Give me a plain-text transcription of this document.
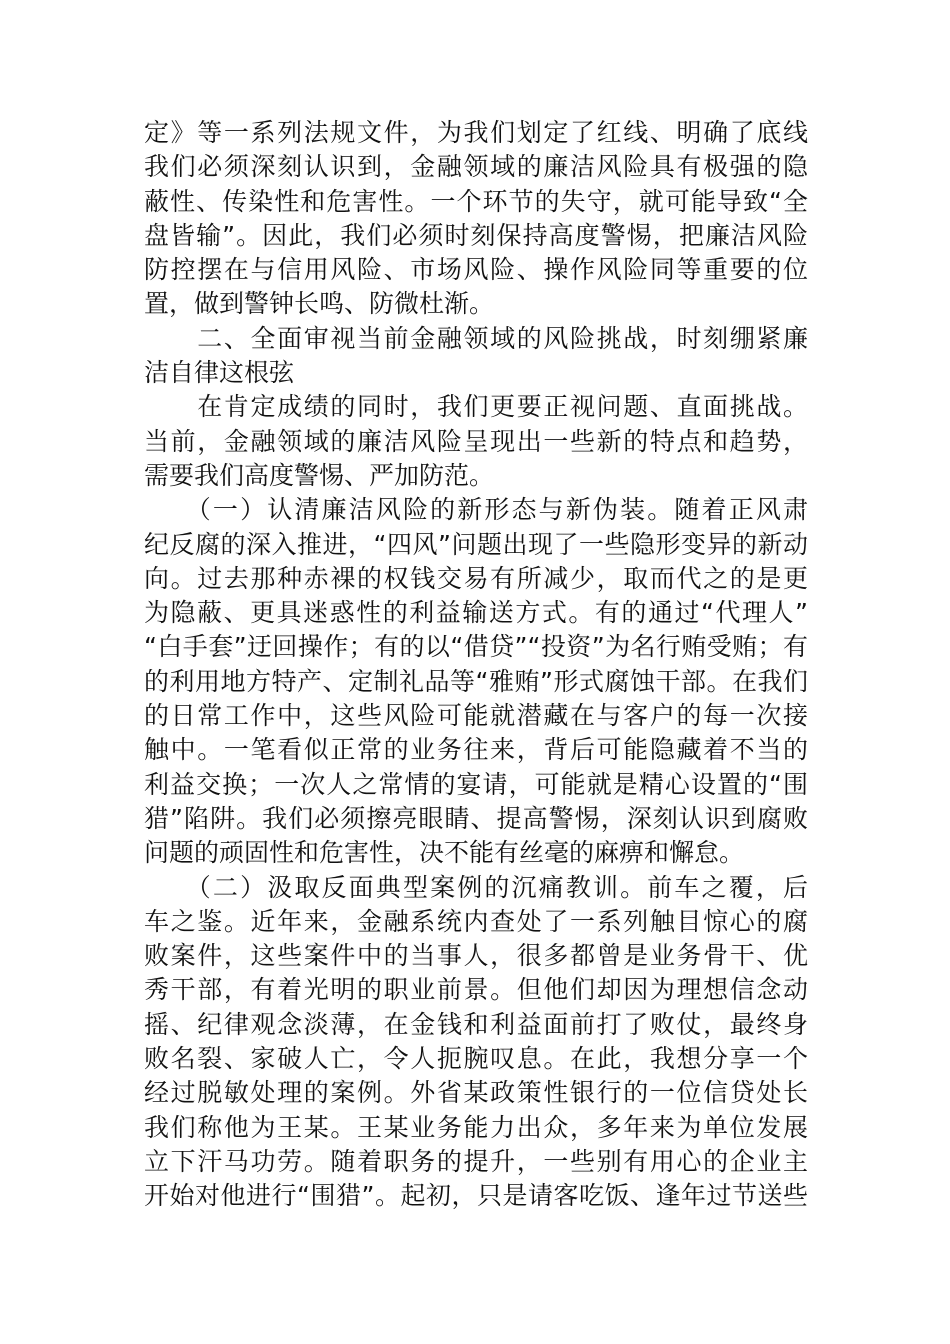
定》等一系列法规文件，为我们划定了红线、明确了底线
我们必须深刻认识到，金融领域的廉洁风险具有极强的隐
蔽性、传染性和危害性。一个环节的失守，就可能导致“全
盘皆输”。因此，我们必须时刻保持高度警惕，把廉洁风险
防控摆在与信用风险、市场风险、操作风险同等重要的位
置，做到警钟长鸣、防微杜渐。
　　二、全面审视当前金融领域的风险挑战，时刻绷紧廉
洁自律这根弦
　　在肯定成绩的同时，我们更要正视问题、直面挑战。
当前，金融领域的廉洁风险呈现出一些新的特点和趋势，
需要我们高度警惕、严加防范。
　　（一）认清廉洁风险的新形态与新伪装。随着正风肃
纪反腐的深入推进，“四风”问题出现了一些隐形变异的新动
向。过去那种赤裸的权钱交易有所减少，取而代之的是更
为隐蔽、更具迷惑性的利益输送方式。有的通过“代理人”
“白手套”迂回操作；有的以“借贷”“投资”为名行贿受贿；有
的利用地方特产、定制礼品等“雅贿”形式腐蚀干部。在我们
的日常工作中，这些风险可能就潜藏在与客户的每一次接
触中。一笔看似正常的业务往来，背后可能隐藏着不当的
利益交换；一次人之常情的宴请，可能就是精心设置的“围
猎”陷阱。我们必须擦亮眼睛、提高警惕，深刻认识到腐败
问题的顽固性和危害性，决不能有丝毫的麻痹和懈怠。
　　（二）汲取反面典型案例的沉痛教训。前车之覆，后
车之鉴。近年来，金融系统内查处了一系列触目惊心的腐
败案件，这些案件中的当事人，很多都曾是业务骨干、优
秀干部，有着光明的职业前景。但他们却因为理想信念动
摇、纪律观念淡薄，在金钱和利益面前打了败仗，最终身
败名裂、家破人亡，令人扼腕叹息。在此，我想分享一个
经过脱敏处理的案例。外省某政策性银行的一位信贷处长
我们称他为王某。王某业务能力出众，多年来为单位发展
立下汗马功劳。随着职务的提升，一些别有用心的企业主
开始对他进行“围猎”。起初，只是请客吃饭、逢年过节送些
